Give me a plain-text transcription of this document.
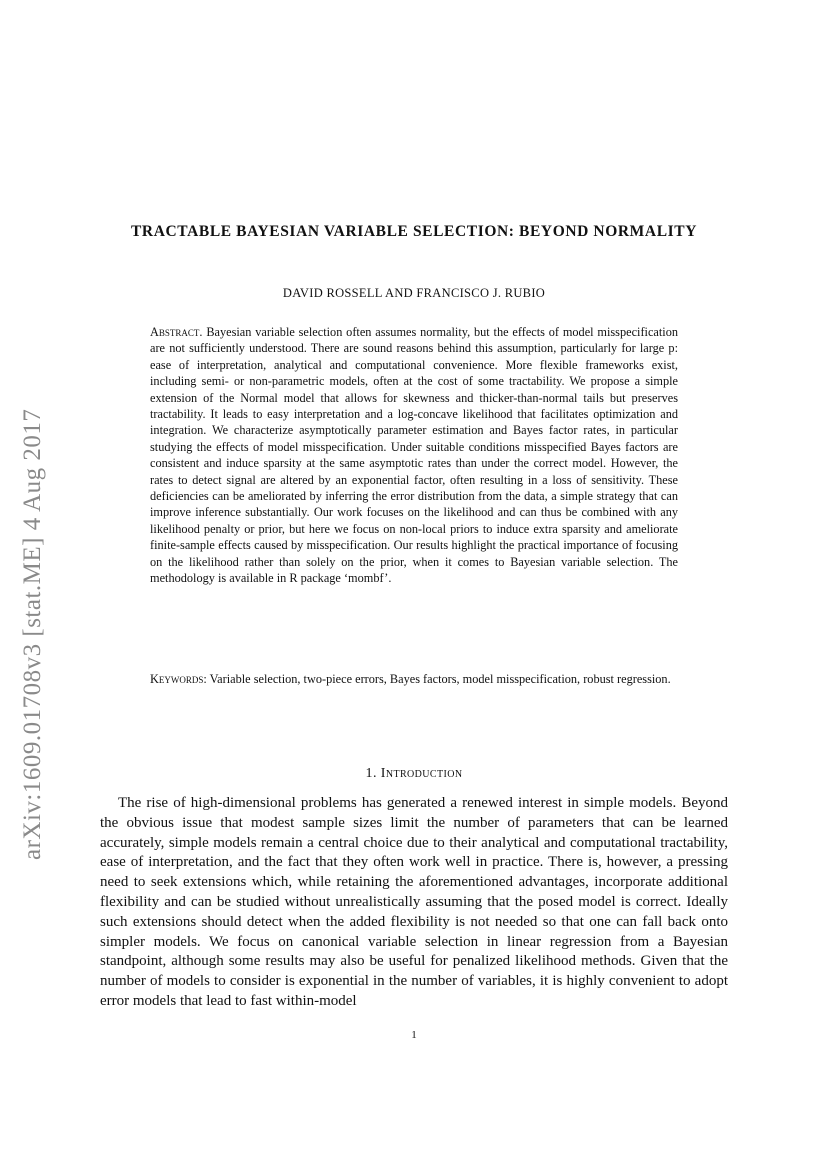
arXiv:1609.01708v3 [stat.ME] 4 Aug 2017
TRACTABLE BAYESIAN VARIABLE SELECTION: BEYOND NORMALITY
DAVID ROSSELL AND FRANCISCO J. RUBIO
Abstract. Bayesian variable selection often assumes normality, but the effects of model misspecification are not sufficiently understood. There are sound reasons behind this assumption, particularly for large p: ease of interpretation, analytical and computational convenience. More flexible frameworks exist, including semi- or non-parametric models, often at the cost of some tractability. We propose a simple extension of the Normal model that allows for skewness and thicker-than-normal tails but preserves tractability. It leads to easy interpretation and a log-concave likelihood that facilitates optimization and integration. We characterize asymptotically parameter estimation and Bayes factor rates, in particular studying the effects of model misspecification. Under suitable conditions misspecified Bayes factors are consistent and induce sparsity at the same asymptotic rates than under the correct model. However, the rates to detect signal are altered by an exponential factor, often resulting in a loss of sensitivity. These deficiencies can be ameliorated by inferring the error distribution from the data, a simple strategy that can improve inference substantially. Our work focuses on the likelihood and can thus be combined with any likelihood penalty or prior, but here we focus on non-local priors to induce extra sparsity and ameliorate finite-sample effects caused by misspecification. Our results highlight the practical importance of focusing on the likelihood rather than solely on the prior, when it comes to Bayesian variable selection. The methodology is available in R package ‘mombf’.
Keywords: Variable selection, two-piece errors, Bayes factors, model misspecification, robust regression.
1. Introduction
The rise of high-dimensional problems has generated a renewed interest in simple models. Beyond the obvious issue that modest sample sizes limit the number of parameters that can be learned accurately, simple models remain a central choice due to their analytical and computational tractability, ease of interpretation, and the fact that they often work well in practice. There is, however, a pressing need to seek extensions which, while retaining the aforementioned advantages, incorporate additional flexibility and can be studied without unrealistically assuming that the posed model is correct. Ideally such extensions should detect when the added flexibility is not needed so that one can fall back onto simpler models. We focus on canonical variable selection in linear regression from a Bayesian standpoint, although some results may also be useful for penalized likelihood methods. Given that the number of models to consider is exponential in the number of variables, it is highly convenient to adopt error models that lead to fast within-model
1
